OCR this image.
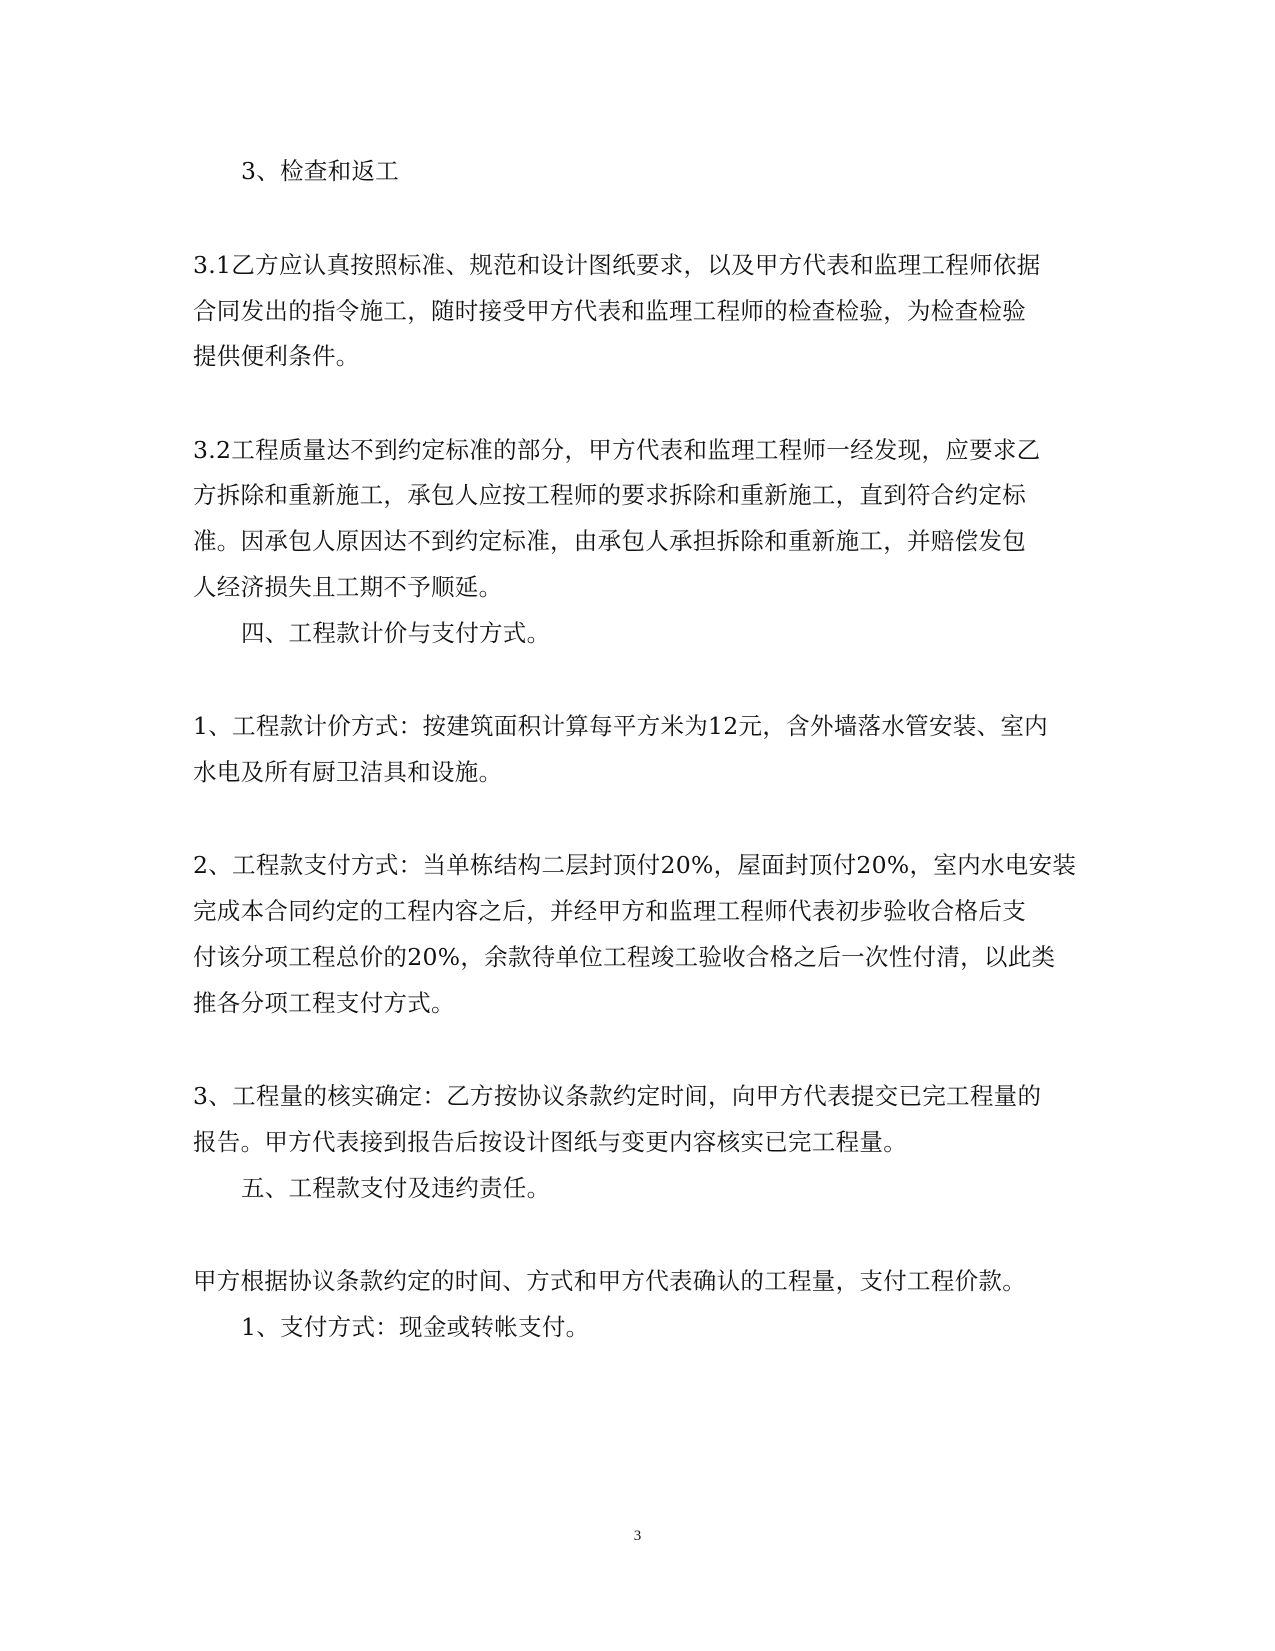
3、检查和返工
3.1乙方应认真按照标准、规范和设计图纸要求，以及甲方代表和监理工程师依据
合同发出的指令施工，随时接受甲方代表和监理工程师的检查检验，为检查检验
提供便利条件。
3.2工程质量达不到约定标准的部分，甲方代表和监理工程师一经发现，应要求乙
方拆除和重新施工，承包人应按工程师的要求拆除和重新施工，直到符合约定标
准。因承包人原因达不到约定标准，由承包人承担拆除和重新施工，并赔偿发包
人经济损失且工期不予顺延。
四、工程款计价与支付方式。
1、工程款计价方式：按建筑面积计算每平方米为12元，含外墙落水管安装、室内
水电及所有厨卫洁具和设施。
2、工程款支付方式：当单栋结构二层封顶付20%，屋面封顶付20%，室内水电安装
完成本合同约定的工程内容之后，并经甲方和监理工程师代表初步验收合格后支
付该分项工程总价的20%，余款待单位工程竣工验收合格之后一次性付清，以此类
推各分项工程支付方式。
3、工程量的核实确定：乙方按协议条款约定时间，向甲方代表提交已完工程量的
报告。甲方代表接到报告后按设计图纸与变更内容核实已完工程量。
五、工程款支付及违约责任。
甲方根据协议条款约定的时间、方式和甲方代表确认的工程量，支付工程价款。
1、支付方式：现金或转帐支付。
3
